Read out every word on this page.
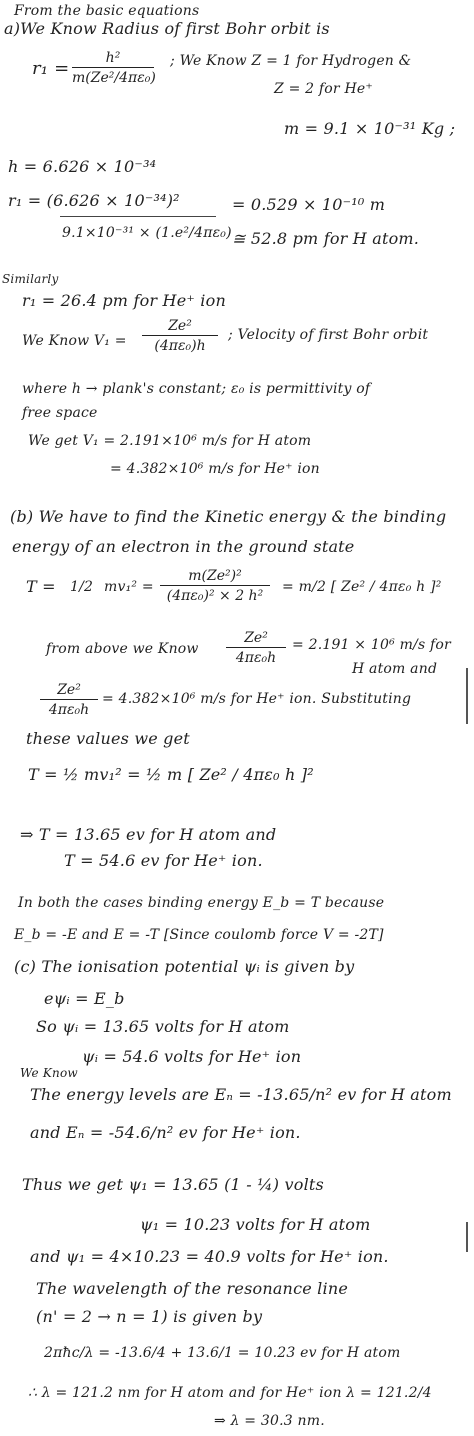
From the basic equations
a)We Know Radius of first Bohr orbit is
r₁ =	h²
m(Ze²/4πε₀)
; We Know Z = 1 for Hydrogen &
Z = 2 for He⁺
m = 9.1 × 10⁻³¹ Kg ;
h = 6.626 × 10⁻³⁴
r₁ = (6.626 × 10⁻³⁴)²
9.1×10⁻³¹ × (1.e²/4πε₀)
= 0.529 × 10⁻¹⁰ m
≅ 52.8 pm for H atom.
Similarly
r₁ = 26.4 pm for He⁺ ion
We Know V₁ =
Ze²
(4πε₀)h
; Velocity of first Bohr orbit
where h → plank's constant; ε₀ is permittivity of
free space
We get V₁ = 2.191×10⁶ m/s for H atom
= 4.382×10⁶ m/s for He⁺ ion
(b) We have to find the Kinetic energy & the binding
energy of an electron in the ground state
T = 1/2 mv₁² =
m(Ze²)²
(4πε₀)² × 2 h²
= m/2 [ Ze² / 4πε₀ h ]²
from above we Know
Ze²
4πε₀h
= 2.191 × 10⁶ m/s for
H atom and
Ze²
4πε₀h
= 4.382×10⁶ m/s for He⁺ ion. Substituting
these values we get
T = ½ mv₁² = ½ m [ Ze² / 4πε₀ h ]²
⇒ T = 13.65 ev for H atom and
T = 54.6 ev for He⁺ ion.
In both the cases binding energy E_b = T because
E_b = -E and E = -T [Since coulomb force V = -2T]
(c) The ionisation potential ψᵢ is given by
eψᵢ = E_b
So ψᵢ = 13.65 volts for H atom
ψᵢ = 54.6 volts for He⁺ ion
We Know
The energy levels are Eₙ = -13.65/n² ev for H atom
and Eₙ = -54.6/n² ev for He⁺ ion.
Thus we get ψ₁ = 13.65 (1 - ¼) volts
ψ₁ = 10.23 volts for H atom
and ψ₁ = 4×10.23 = 40.9 volts for He⁺ ion.
The wavelength of the resonance line
(n' = 2 → n = 1) is given by
2πħc/λ = -13.6/4 + 13.6/1 = 10.23 ev for H atom
∴ λ = 121.2 nm for H atom and for He⁺ ion λ = 121.2/4
⇒ λ = 30.3 nm.
